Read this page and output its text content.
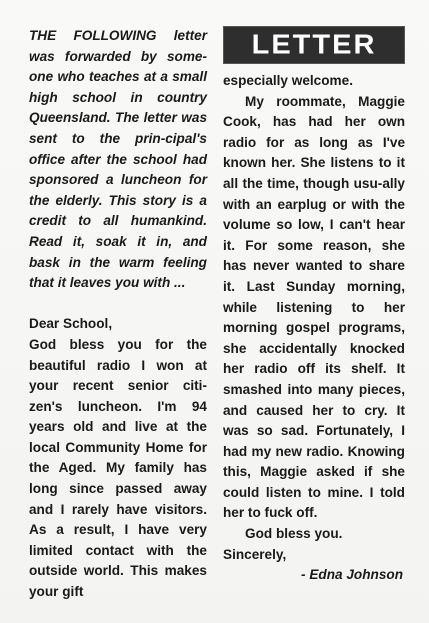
THE FOLLOWING letter was forwarded by some-one who teaches at a small high school in country Queensland. The letter was sent to the prin-cipal's office after the school had sponsored a luncheon for the elderly. This story is a credit to all humankind. Read it, soak it in, and bask in the warm feeling that it leaves you with ...

Dear School,

God bless you for the beautiful radio I won at your recent senior citi-zen's luncheon. I'm 94 years old and live at the local Community Home for the Aged. My family has long since passed away and I rarely have visitors. As a result, I have very limited contact with the outside world. This makes your gift

LETTER

especially welcome.

My roommate, Maggie Cook, has had her own radio for as long as I've known her. She listens to it all the time, though usu-ally with an earplug or with the volume so low, I can't hear it. For some reason, she has never wanted to share it. Last Sunday morning, while listening to her morning gospel programs, she accidentally knocked her radio off its shelf. It smashed into many pieces, and caused her to cry. It was so sad. Fortunately, I had my new radio. Knowing this, Maggie asked if she could listen to mine. I told her to fuck off.

God bless you.

Sincerely,

- Edna Johnson
